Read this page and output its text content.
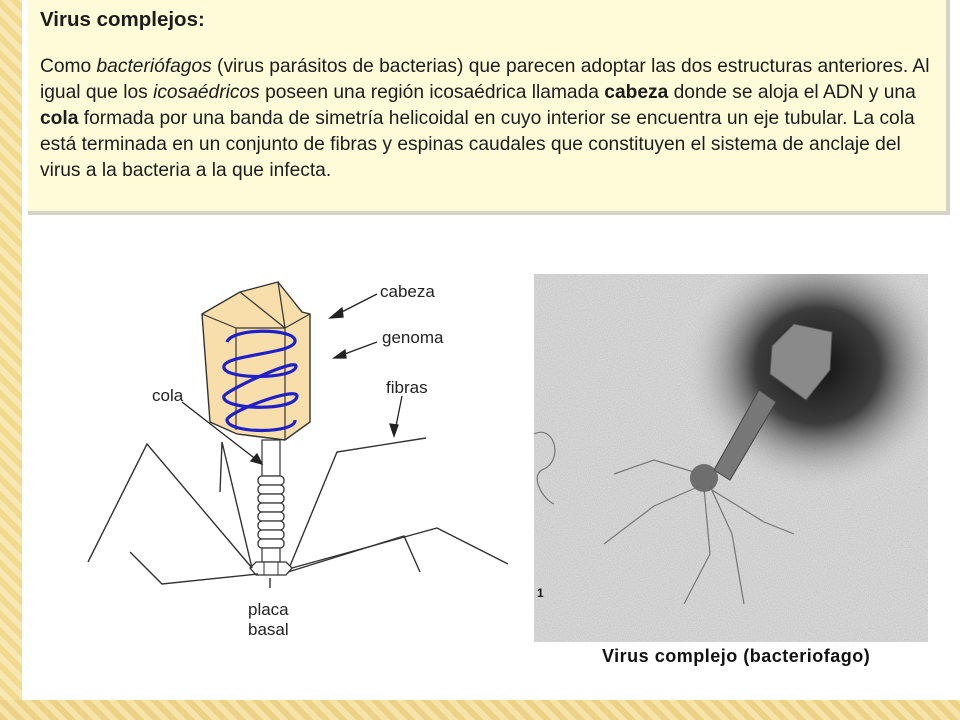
Virus complejos:

Como bacteriófagos (virus parásitos de bacterias) que parecen adoptar las dos estructuras anteriores. Al igual que los icosaédricos poseen una región icosaédrica llamada cabeza donde se aloja el ADN y una cola formada por una banda de simetría helicoidal en cuyo interior se encuentra un eje tubular. La cola está terminada en un conjunto de fibras y espinas caudales que constituyen el sistema de anclaje del virus a la bacteria a la que infecta.

cabeza
genoma
fibras
cola
placa
basal
1
Virus complejo (bacteriofago)
